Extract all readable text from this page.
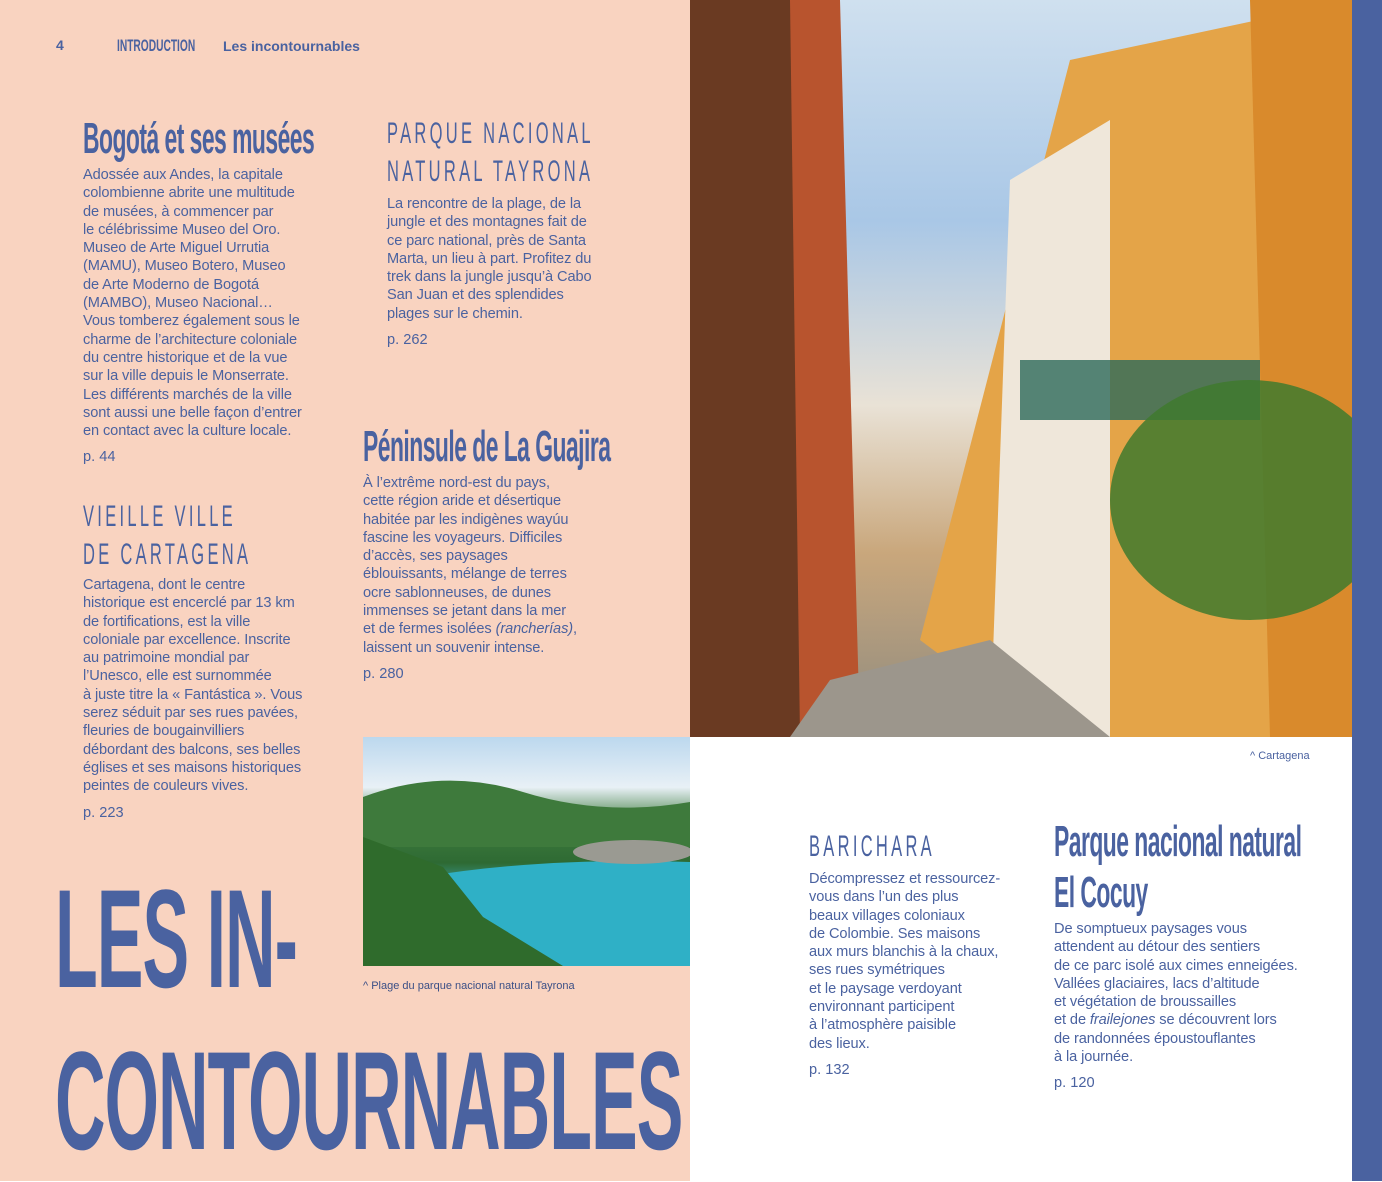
4	INTRODUCTION Les incontournables
Bogotá et ses musées
Adossée aux Andes, la capitale
colombienne abrite une multitude
de musées, à commencer par
le célébrissime Museo del Oro.
Museo de Arte Miguel Urrutia
(MAMU), Museo Botero, Museo
de Arte Moderno de Bogotá
(MAMBO), Museo Nacional…
Vous tomberez également sous le
charme de l’architecture coloniale
du centre historique et de la vue
sur la ville depuis le Monserrate.
Les différents marchés de la ville
sont aussi une belle façon d’entrer
en contact avec la culture locale.
p. 44
PARQUE NACIONAL
NATURAL TAYRONA
La rencontre de la plage, de la
jungle et des montagnes fait de
ce parc national, près de Santa
Marta, un lieu à part. Profitez du
trek dans la jungle jusqu’à Cabo
San Juan et des splendides
plages sur le chemin.
p. 262
VIEILLE VILLE
DE CARTAGENA
Cartagena, dont le centre
historique est encerclé par 13 km
de fortifications, est la ville
coloniale par excellence. Inscrite
au patrimoine mondial par
l’Unesco, elle est surnommée
à juste titre la « Fantástica ». Vous
serez séduit par ses rues pavées,
fleuries de bougainvilliers
débordant des balcons, ses belles
églises et ses maisons historiques
peintes de couleurs vives.
p. 223
Péninsule de La Guajira
À l’extrême nord-est du pays,
cette région aride et désertique
habitée par les indigènes wayúu
fascine les voyageurs. Difficiles
d’accès, ses paysages
éblouissants, mélange de terres
ocre sablonneuses, de dunes
immenses se jetant dans la mer
et de fermes isolées (rancherías),
laissent un souvenir intense.
p. 280
^ Cartagena
^ Plage du parque nacional natural Tayrona
BARICHARA
Décompressez et ressourcez-
vous dans l’un des plus
beaux villages coloniaux
de Colombie. Ses maisons
aux murs blanchis à la chaux,
ses rues symétriques
et le paysage verdoyant
environnant participent
à l’atmosphère paisible
des lieux.
p. 132
Parque nacional natural
El Cocuy
De somptueux paysages vous
attendent au détour des sentiers
de ce parc isolé aux cimes enneigées.
Vallées glaciaires, lacs d’altitude
et végétation de broussailles
et de frailejones se découvrent lors
de randonnées époustouflantes
à la journée.
p. 120
LES IN-
CONTOURNABLES
